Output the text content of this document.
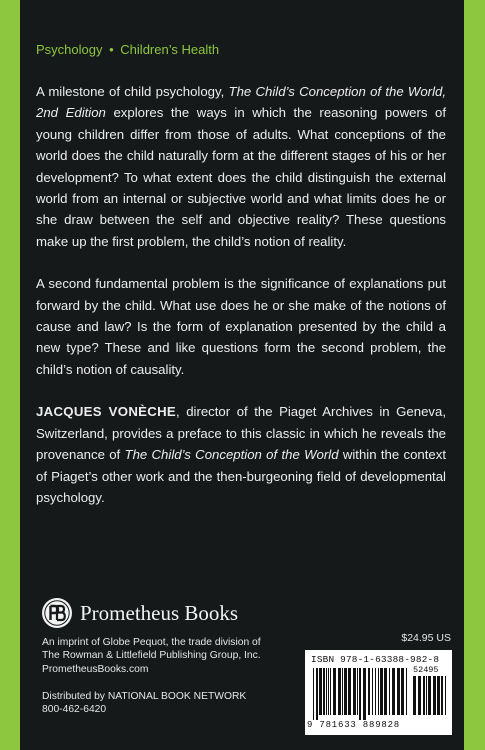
Psychology • Children’s Health

A milestone of child psychology, The Child’s Conception of the World, 2nd Edition explores the ways in which the reasoning powers of young children differ from those of adults. What conceptions of the world does the child naturally form at the different stages of his or her development? To what extent does the child distinguish the external world from an internal or subjective world and what limits does he or she draw between the self and objective reality? These questions make up the first problem, the child’s notion of reality.

A second fundamental problem is the significance of explanations put forward by the child. What use does he or she make of the notions of cause and law? Is the form of explanation presented by the child a new type? These and like questions form the second problem, the child’s notion of causality.

JACQUES VONÈCHE, director of the Piaget Archives in Geneva, Switzerland, provides a preface to this classic in which he reveals the provenance of The Child’s Conception of the World within the context of Piaget’s other work and the then-burgeoning field of developmental psychology.

Prometheus Books
An imprint of Globe Pequot, the trade division of
The Rowman & Littlefield Publishing Group, Inc.
PrometheusBooks.com
Distributed by NATIONAL BOOK NETWORK
800-462-6420
$24.95 US
ISBN 978-1-63388-982-8
52495
9 781633 889828
